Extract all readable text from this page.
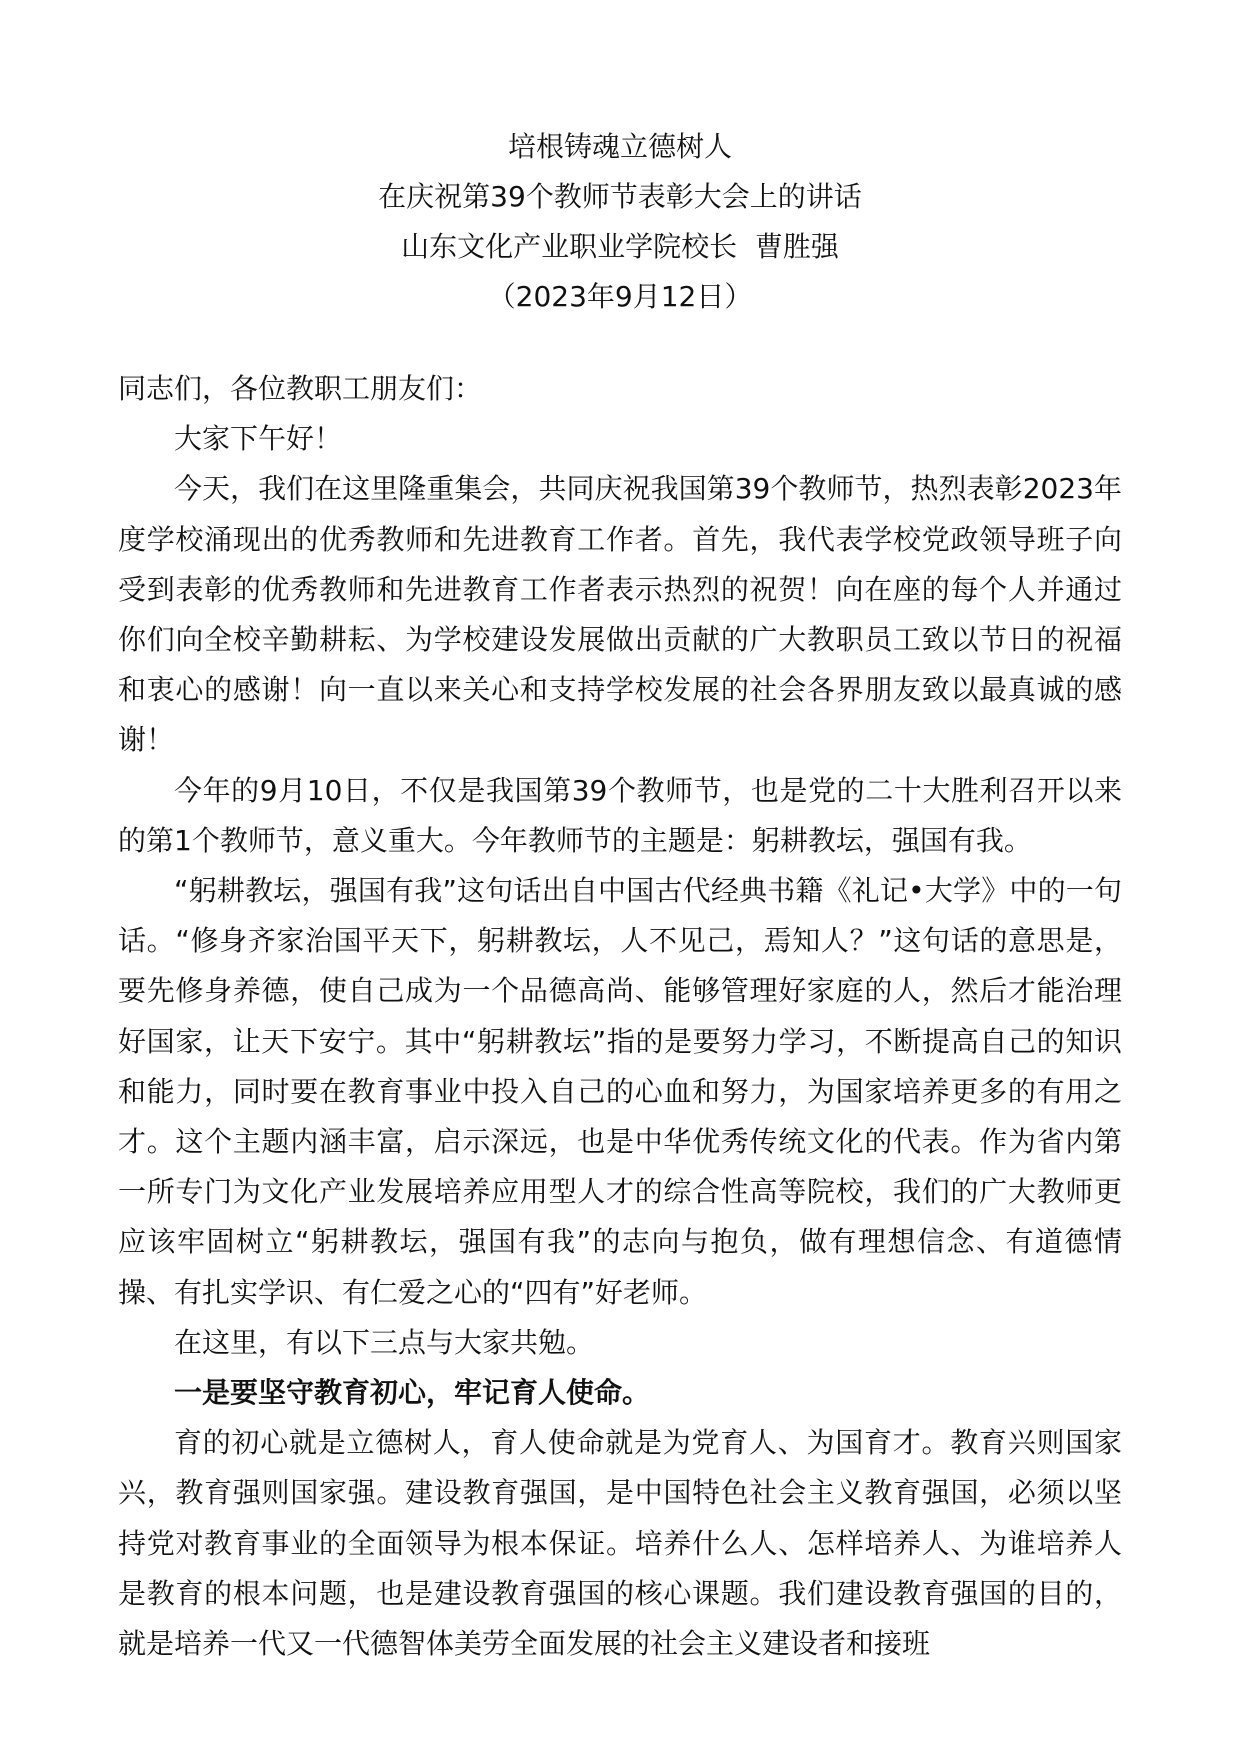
培根铸魂立德树人
在庆祝第39个教师节表彰大会上的讲话
山东文化产业职业学院校长  曹胜强
（2023年9月12日）

同志们，各位教职工朋友们：

大家下午好！

今天，我们在这里隆重集会，共同庆祝我国第39个教师节，热烈表彰2023年度学校涌现出的优秀教师和先进教育工作者。首先，我代表学校党政领导班子向受到表彰的优秀教师和先进教育工作者表示热烈的祝贺！向在座的每个人并通过你们向全校辛勤耕耘、为学校建设发展做出贡献的广大教职员工致以节日的祝福和衷心的感谢！向一直以来关心和支持学校发展的社会各界朋友致以最真诚的感谢！

今年的9月10日，不仅是我国第39个教师节，也是党的二十大胜利召开以来的第1个教师节，意义重大。今年教师节的主题是：躬耕教坛，强国有我。

“躬耕教坛，强国有我”这句话出自中国古代经典书籍《礼记•大学》中的一句话。“修身齐家治国平天下，躬耕教坛，人不见己，焉知人？”这句话的意思是，要先修身养德，使自己成为一个品德高尚、能够管理好家庭的人，然后才能治理好国家，让天下安宁。其中“躬耕教坛”指的是要努力学习，不断提高自己的知识和能力，同时要在教育事业中投入自己的心血和努力，为国家培养更多的有用之才。这个主题内涵丰富，启示深远，也是中华优秀传统文化的代表。作为省内第一所专门为文化产业发展培养应用型人才的综合性高等院校，我们的广大教师更应该牢固树立“躬耕教坛，强国有我”的志向与抱负，做有理想信念、有道德情操、有扎实学识、有仁爱之心的“四有”好老师。

在这里，有以下三点与大家共勉。

一是要坚守教育初心，牢记育人使命。

育的初心就是立德树人，育人使命就是为党育人、为国育才。教育兴则国家兴，教育强则国家强。建设教育强国，是中国特色社会主义教育强国，必须以坚持党对教育事业的全面领导为根本保证。培养什么人、怎样培养人、为谁培养人是教育的根本问题，也是建设教育强国的核心课题。我们建设教育强国的目的，就是培养一代又一代德智体美劳全面发展的社会主义建设者和接班
